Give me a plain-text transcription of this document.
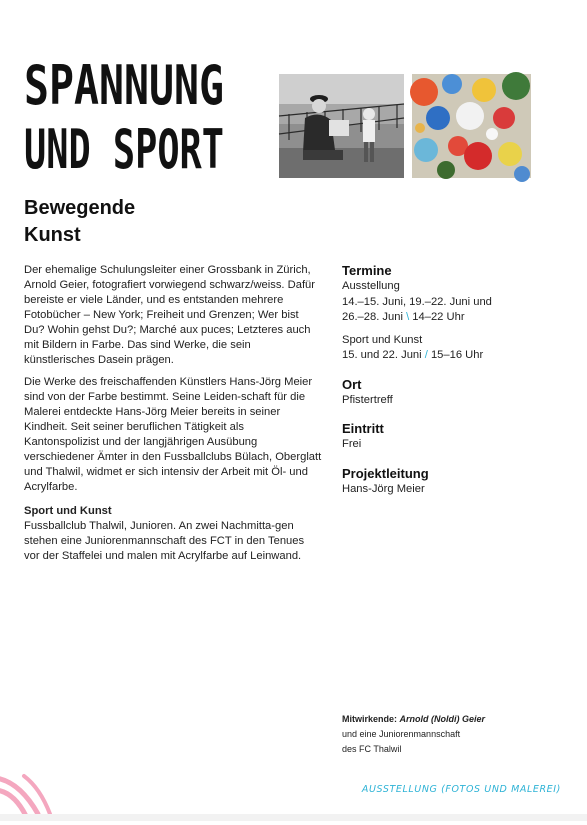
SPANNUNG
UND SPORT
Bewegende
Kunst

Der ehemalige Schulungsleiter einer Grossbank in Zürich, Arnold Geier, fotografiert vorwiegend schwarz/weiss. Dafür bereiste er viele Länder, und es entstanden mehrere Fotobücher – New York; Freiheit und Grenzen; Wer bist Du? Wohin gehst Du?; Marché aux puces; Letzteres auch mit Bildern in Farbe. Das sind Werke, die sein künstlerisches Dasein prägen.

Die Werke des freischaffenden Künstlers Hans-Jörg Meier sind von der Farbe bestimmt. Seine Leiden-schaft für die Malerei entdeckte Hans-Jörg Meier bereits in seiner Kindheit. Seit seiner beruflichen Tätigkeit als Kantonspolizist und der langjährigen Ausübung verschiedener Ämter in den Fussballclubs Bülach, Oberglatt und Thalwil, widmet er sich intensiv der Arbeit mit Öl- und Acrylfarbe.

Sport und Kunst

Fussballclub Thalwil, Junioren. An zwei Nachmitta-gen stehen eine Juniorenmannschaft des FCT in den Tenues vor der Staffelei und malen mit Acrylfarbe auf Leinwand.

Termine
Ausstellung
14.–15. Juni, 19.–22. Juni und
26.–28. Juni \ 14–22 Uhr
Sport und Kunst
15. und 22. Juni / 15–16 Uhr
Ort
Pfistertreff
Eintritt
Frei
Projektleitung
Hans-Jörg Meier
Mitwirkende: Arnold (Noldi) Geier
und eine Juniorenmannschaft
des FC Thalwil
AUSSTELLUNG (FOTOS UND MALEREI)
